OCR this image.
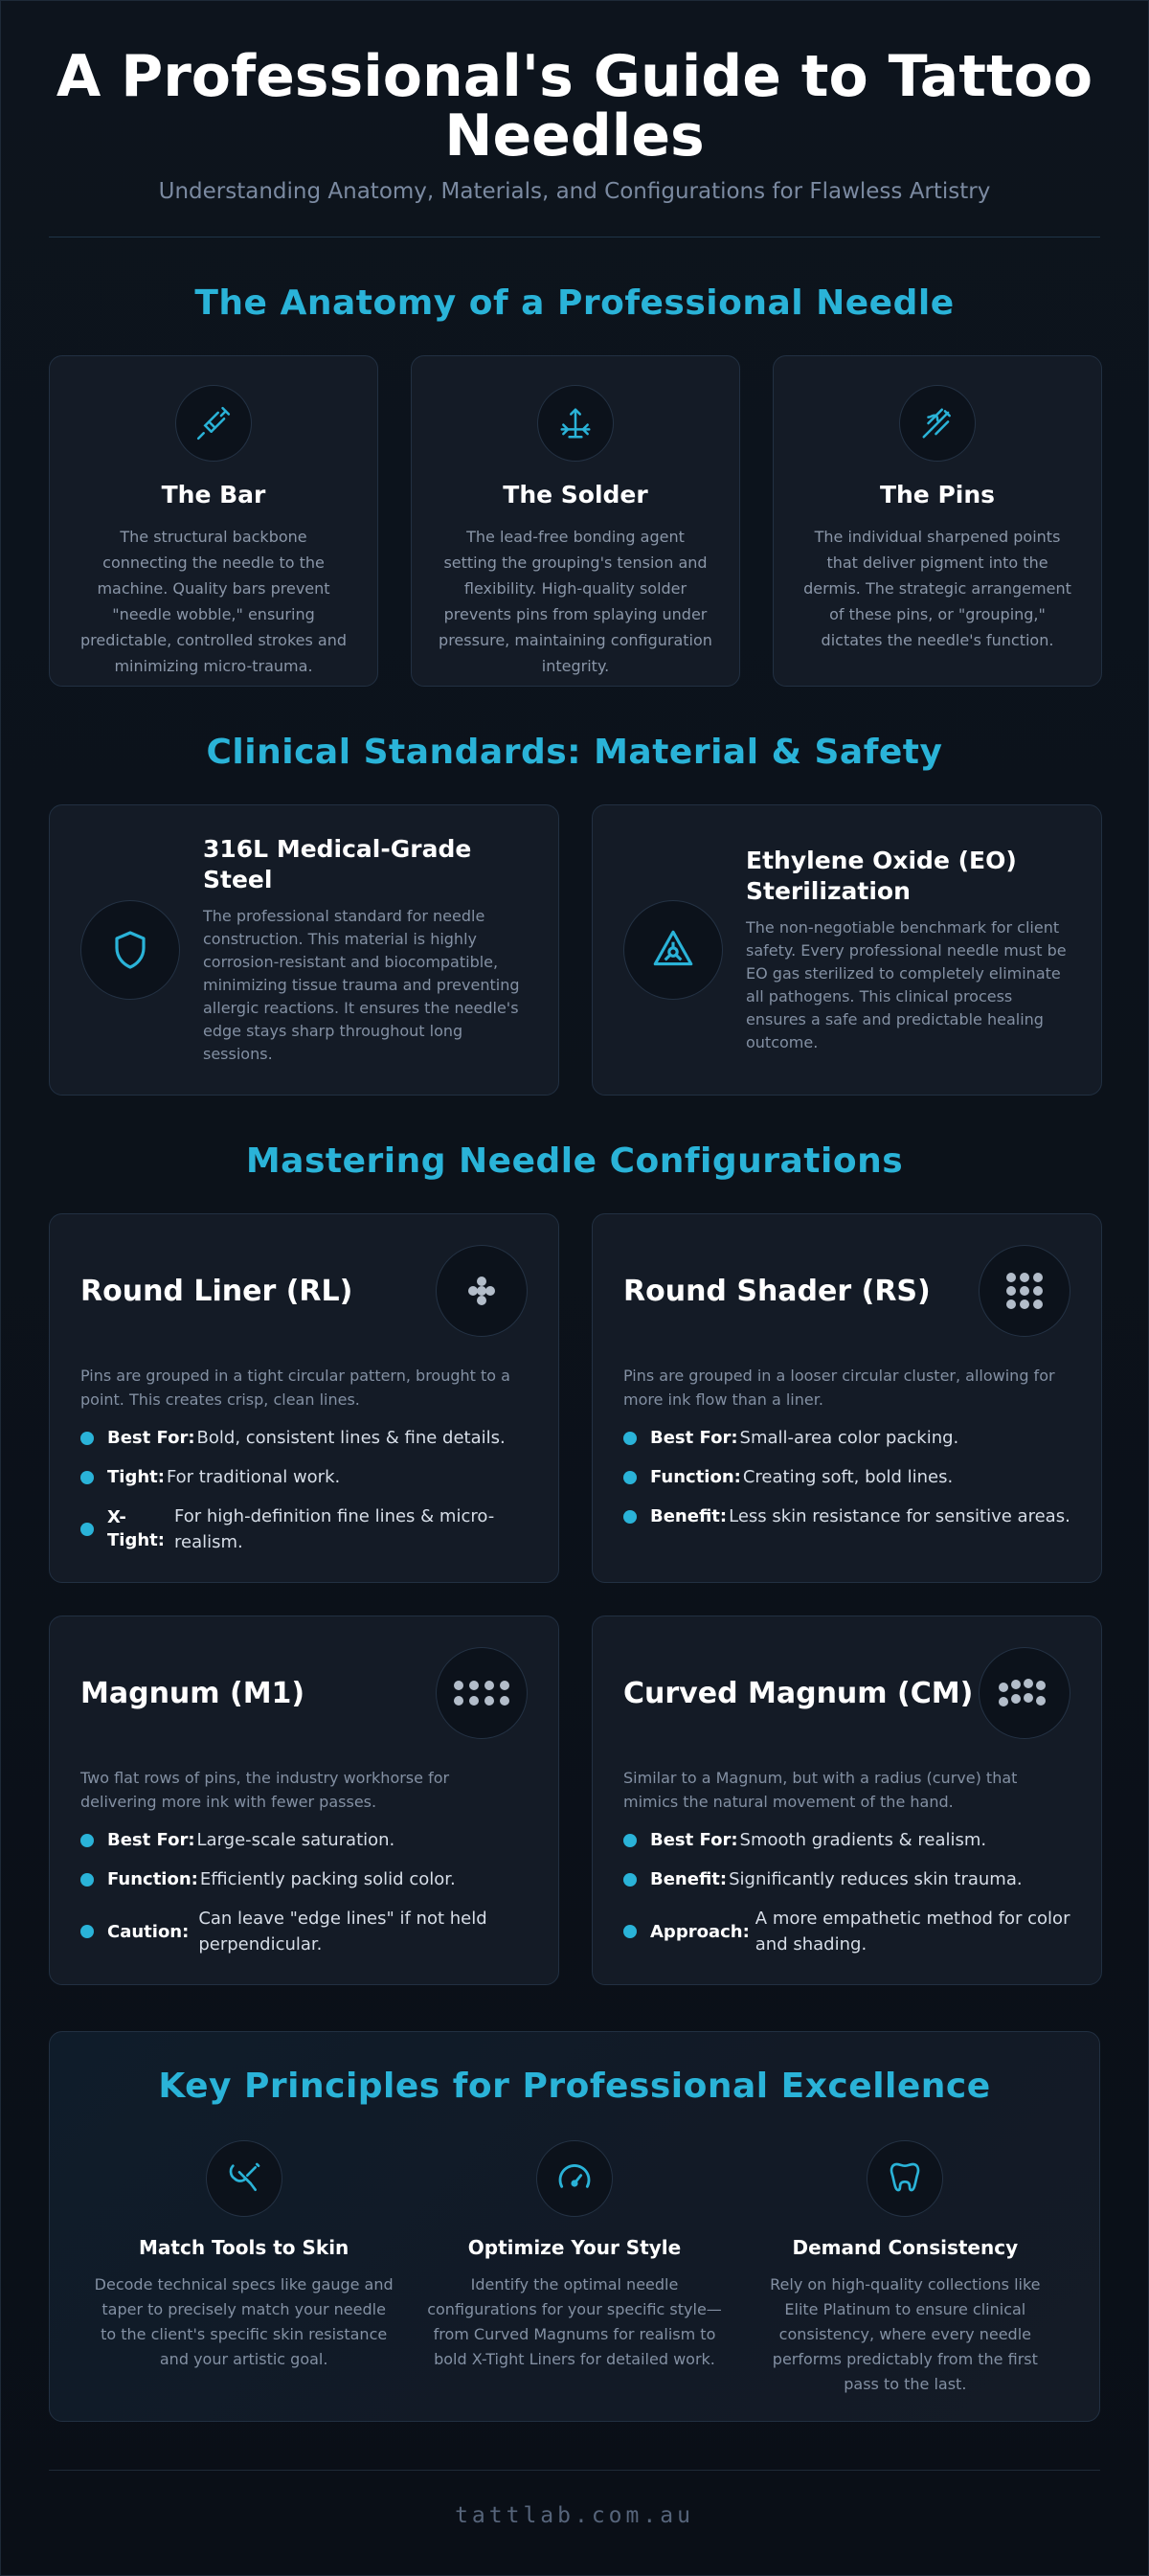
A Professional's Guide to Tattoo Needles

Understanding Anatomy, Materials, and Configurations for Flawless Artistry

The Anatomy of a Professional Needle
The Bar

The structural backbone connecting the needle to the machine. Quality bars prevent "needle wobble," ensuring predictable, controlled strokes and minimizing micro-trauma.

The Solder

The lead-free bonding agent setting the grouping's tension and flexibility. High-quality solder prevents pins from splaying under pressure, maintaining configuration integrity.

The Pins

The individual sharpened points that deliver pigment into the dermis. The strategic arrangement of these pins, or "grouping," dictates the needle's function.

Clinical Standards: Material & Safety
316L Medical-Grade Steel

The professional standard for needle construction. This material is highly corrosion-resistant and biocompatible, minimizing tissue trauma and preventing allergic reactions. It ensures the needle's edge stays sharp throughout long sessions.

Ethylene Oxide (EO) Sterilization

The non-negotiable benchmark for client safety. Every professional needle must be EO gas sterilized to completely eliminate all pathogens. This clinical process ensures a safe and predictable healing outcome.

Mastering Needle Configurations
Round Liner (RL)

Pins are grouped in a tight circular pattern, brought to a point. This creates crisp, clean lines.

Best For: Bold, consistent lines & fine details.
Tight: For traditional work.
X-Tight:
For high-definition fine lines & micro-realism.
Round Shader (RS)

Pins are grouped in a looser circular cluster, allowing for more ink flow than a liner.

Best For: Small-area color packing.
Function: Creating soft, bold lines.
Benefit: Less skin resistance for sensitive areas.
Magnum (M1)

Two flat rows of pins, the industry workhorse for delivering more ink with fewer passes.

Best For: Large-scale saturation.
Function: Efficiently packing solid color.
Caution:
Can leave "edge lines" if not held perpendicular.
Curved Magnum (CM)

Similar to a Magnum, but with a radius (curve) that mimics the natural movement of the hand.

Best For: Smooth gradients & realism.
Benefit: Significantly reduces skin trauma.
Approach:
A more empathetic method for color and shading.
Key Principles for Professional Excellence
Match Tools to Skin

Decode technical specs like gauge and taper to precisely match your needle to the client's specific skin resistance and your artistic goal.

Optimize Your Style

Identify the optimal needle configurations for your specific style—from Curved Magnums for realism to bold X-Tight Liners for detailed work.

Demand Consistency

Rely on high-quality collections like Elite Platinum to ensure clinical consistency, where every needle performs predictably from the first pass to the last.

tattlab.com.au
